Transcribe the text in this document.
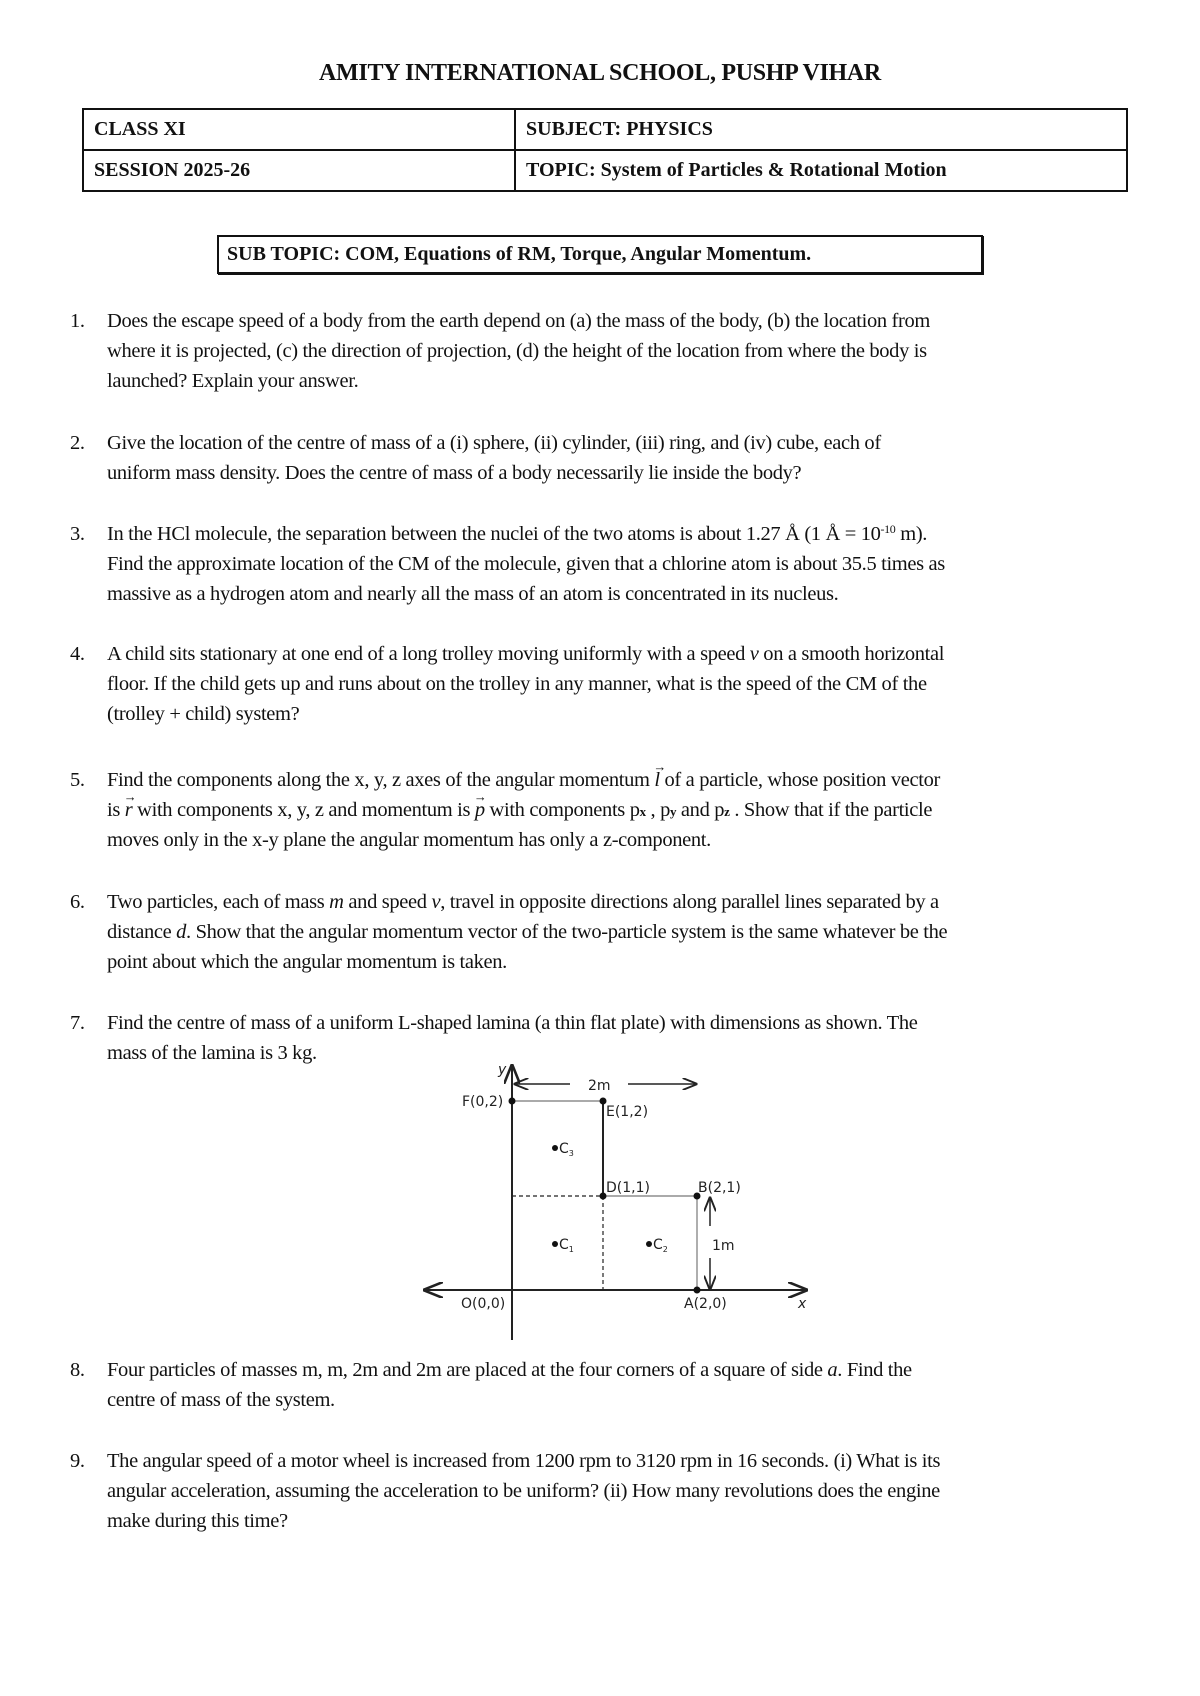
AMITY INTERNATIONAL SCHOOL, PUSHP VIHAR
CLASS XI	SUBJECT: PHYSICS
SESSION 2025-26	TOPIC: System of Particles & Rotational Motion
SUB TOPIC: COM, Equations of RM, Torque, Angular Momentum.
1. Does the escape speed of a body from the earth depend on (a) the mass of the body, (b) the location from
where it is projected, (c) the direction of projection, (d) the height of the location from where the body is
launched? Explain your answer.
2. Give the location of the centre of mass of a (i) sphere, (ii) cylinder, (iii) ring, and (iv) cube, each of
uniform mass density. Does the centre of mass of a body necessarily lie inside the body?
3. In the HCl molecule, the separation between the nuclei of the two atoms is about 1.27 Å (1 Å = $10^{-10}$ m).
Find the approximate location of the CM of the molecule, given that a chlorine atom is about 35.5 times as
massive as a hydrogen atom and nearly all the mass of an atom is concentrated in its nucleus.
4. A child sits stationary at one end of a long trolley moving uniformly with a speed v on a smooth horizontal
floor. If the child gets up and runs about on the trolley in any manner, what is the speed of the CM of the
(trolley + child) system?
5. Find the components along the x, y, z axes of the angular momentum → l of a particle, whose position vector
is → r with components x, y, z and momentum is → p with components px , py and pz . Show that if the particle
moves only in the x-y plane the angular momentum has only a z-component.
6. Two particles, each of mass m and speed v, travel in opposite directions along parallel lines separated by a
distance d. Show that the angular momentum vector of the two-particle system is the same whatever be the
point about which the angular momentum is taken.
7. Find the centre of mass of a uniform L-shaped lamina (a thin flat plate) with dimensions as shown. The
mass of the lamina is 3 kg.
8. Four particles of masses m, m, 2m and 2m are placed at the four corners of a square of side a. Find the
centre of mass of the system.
9. The angular speed of a motor wheel is increased from 1200 rpm to 3120 rpm in 16 seconds. (i) What is its
angular acceleration, assuming the acceleration to be uniform? (ii) How many revolutions does the engine
make during this time?
y
x
2m
1m
F(0,2)
E(1,2)
D(1,1)	B(2,1)
O(0,0)	A(2,0)
$C_3$
$C_1$	$C_2$
